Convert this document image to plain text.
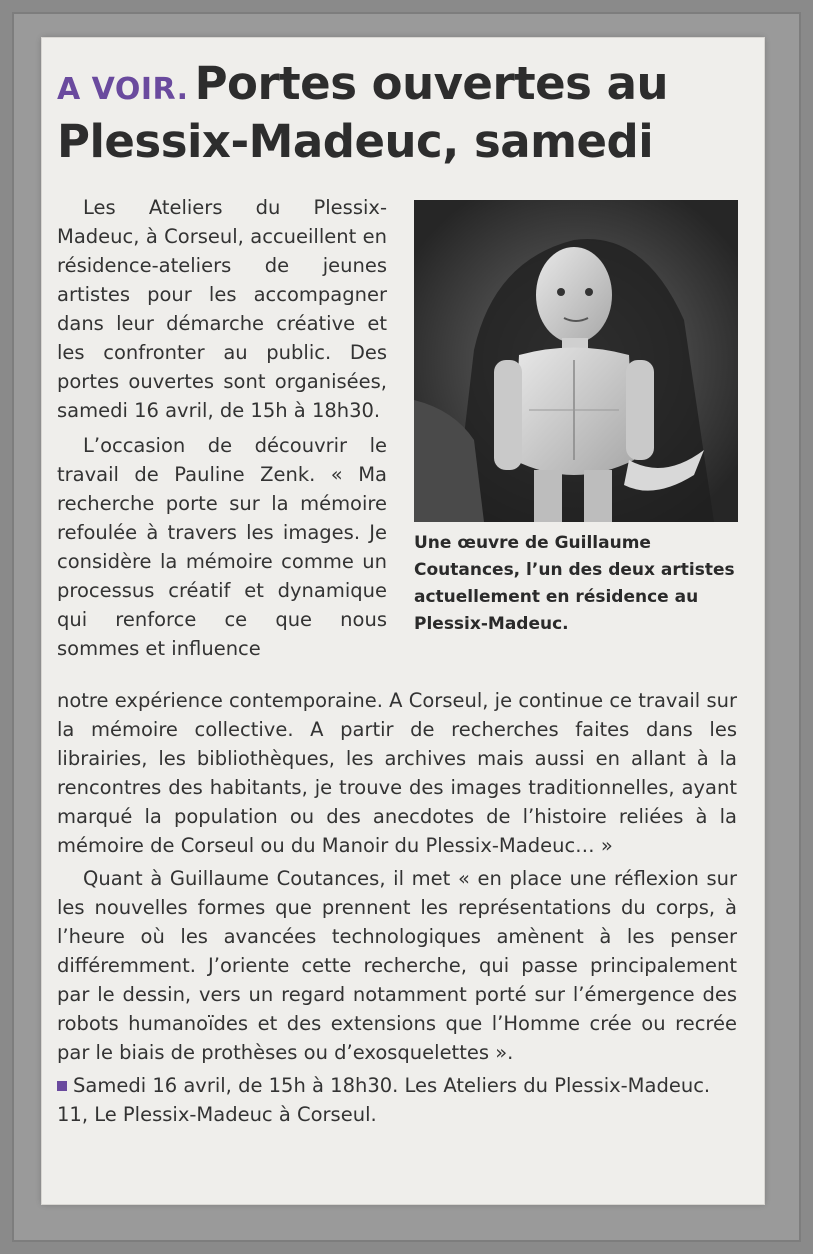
A VOIR. Portes ouvertes au Plessix-Madeuc, samedi

Les Ateliers du Plessix-Madeuc, à Corseul, accueillent en résidence-ateliers de jeunes artistes pour les accompagner dans leur démarche créative et les confronter au public. Des portes ouvertes sont organisées, samedi 16 avril, de 15h à 18h30.

L’occasion de découvrir le travail de Pauline Zenk. « Ma recherche porte sur la mémoire refoulée à travers les images. Je considère la mémoire comme un processus créatif et dynamique qui renforce ce que nous sommes et influence

Une œuvre de Guillaume Coutances, l’un des deux artistes actuellement en résidence au Plessix-Madeuc.

notre expérience contemporaine. A Corseul, je continue ce travail sur la mémoire collective. A partir de recherches faites dans les librairies, les bibliothèques, les archives mais aussi en allant à la rencontres des habitants, je trouve des images traditionnelles, ayant marqué la population ou des anecdotes de l’histoire reliées à la mémoire de Corseul ou du Manoir du Plessix-Madeuc… »

Quant à Guillaume Coutances, il met « en place une réflexion sur les nouvelles formes que prennent les représentations du corps, à l’heure où les avancées technologiques amènent à les penser différemment. J’oriente cette recherche, qui passe principalement par le dessin, vers un regard notamment porté sur l’émergence des robots humanoïdes et des extensions que l’Homme crée ou recrée par le biais de prothèses ou d’exosquelettes ».

Samedi 16 avril, de 15h à 18h30. Les Ateliers du Plessix-Madeuc. 11, Le Plessix-Madeuc à Corseul.
